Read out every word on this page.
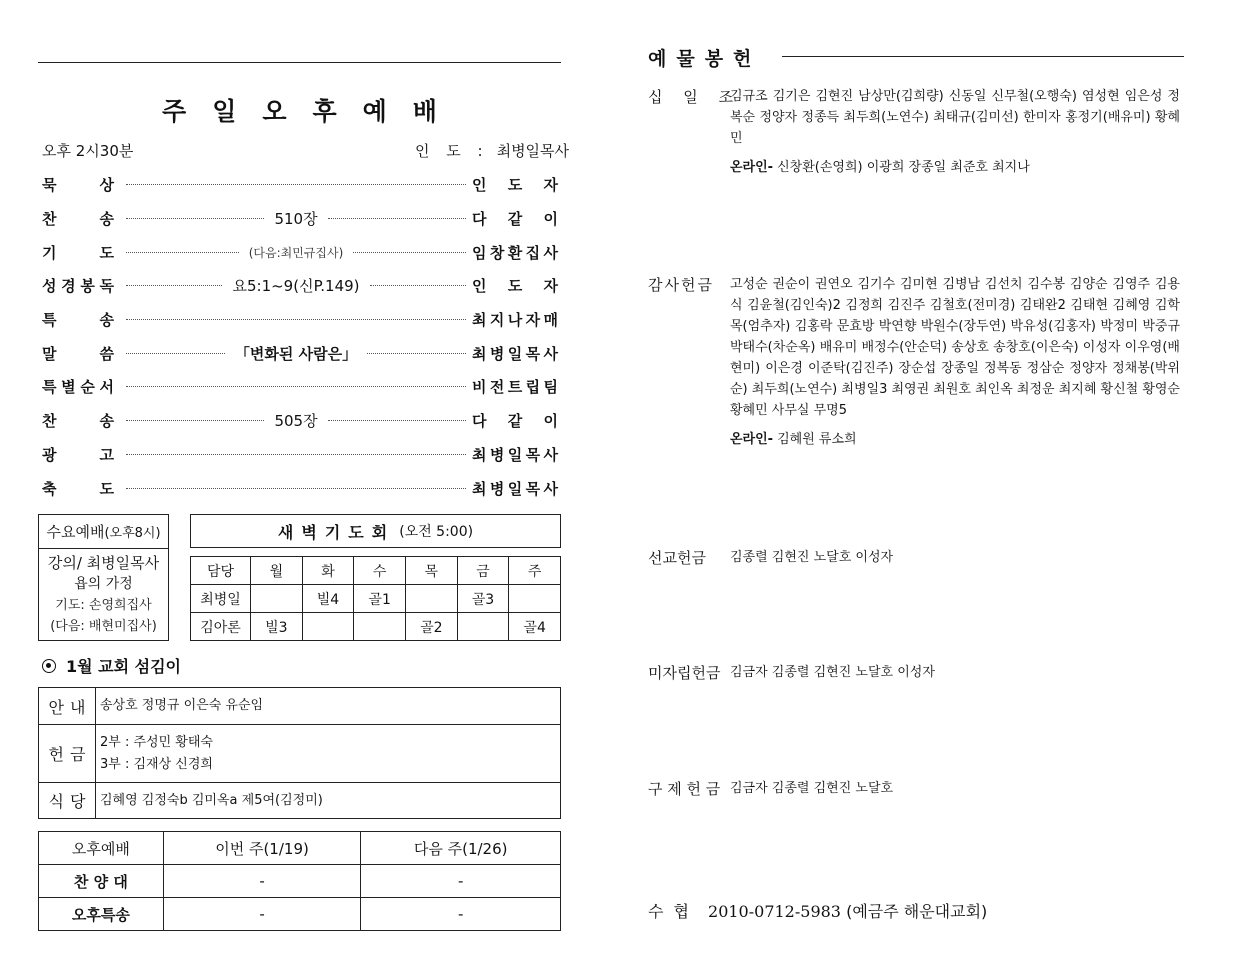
주일오후예배
오후 2시30분	인 도 : 최병일목사
묵	상	인 도 자
찬	송	510장	다 같 이
기	도	(다음:최민규집사)	임 창 환 집 사
성 경 봉 독	요5:1~9(신P.149)	인 도 자
특	송	최 지 나 자 매
말	씀	「변화된 사람은」	최 병 일 목 사
특 별 순 서	비 전 트 립 팀
찬	송	505장	다 같 이
광	고	최 병 일 목 사
축	도	최 병 일 목 사
수요예배 (오후8시)
강의/ 최병일목사
욥의 가정
기도: 손영희집사
(다음: 배현미집사)
새벽기도회 (오전 5:00)
담당	월	화	수	목	금	주
최병일		빌4	골1		골3	
김아론	빌3			골2		골4
1월 교회 섬김이
안내	송상호 정명규 이은숙 유순임

헌금	2부 : 주성민 황태숙
3부 : 김재상 신경희

식당	김혜영 김정숙b 김미옥a 제5여(김정미)
오후예배	이번 주(1/19)	다음 주(1/26)
찬 양 대	-	-
오후특송	-	-
예물봉헌
십 일 조
김규조 김기은 김현진 남상만(김희량) 신동일 신무철(오행숙) 염성현 임은성 정복순 정양자 정종득 최두희(노연수) 최태규(김미선) 한미자 홍정기(배유미) 황혜민
온라인- 신창환(손영희) 이광희 장종일 최준호 최지나
감사헌금 고성순 권순이 권연오 김기수 김미현 김병남 김선치 김수봉 김양순 김영주 김용식 김윤철(김인숙)2 김정희 김진주 김철호(전미경) 김태완2 김태현 김혜영 김학목(엄추자) 김홍락 문효방 박연향 박원수(장두연) 박유성(김홍자) 박정미 박중규 박태수(차순옥) 배유미 배정수(안순덕) 송상호 송창호(이은숙) 이성자 이우영(배현미) 이은경 이준탁(김진주) 장순섭 장종일 정복동 정삼순 정양자 정채봉(박위순) 최두희(노연수) 최병일3 최영권 최원호 최인옥 최정운 최지혜 황신철 황영순 황혜민 사무실 무명5
온라인- 김혜원 류소희
선교헌금 김종렬 김현진 노달호 이성자
미자립헌금 김금자 김종렬 김현진 노달호 이성자
구 제 헌 금 김금자 김종렬 김현진 노달호
수협 2010-0712-5983 (예금주 해운대교회)
